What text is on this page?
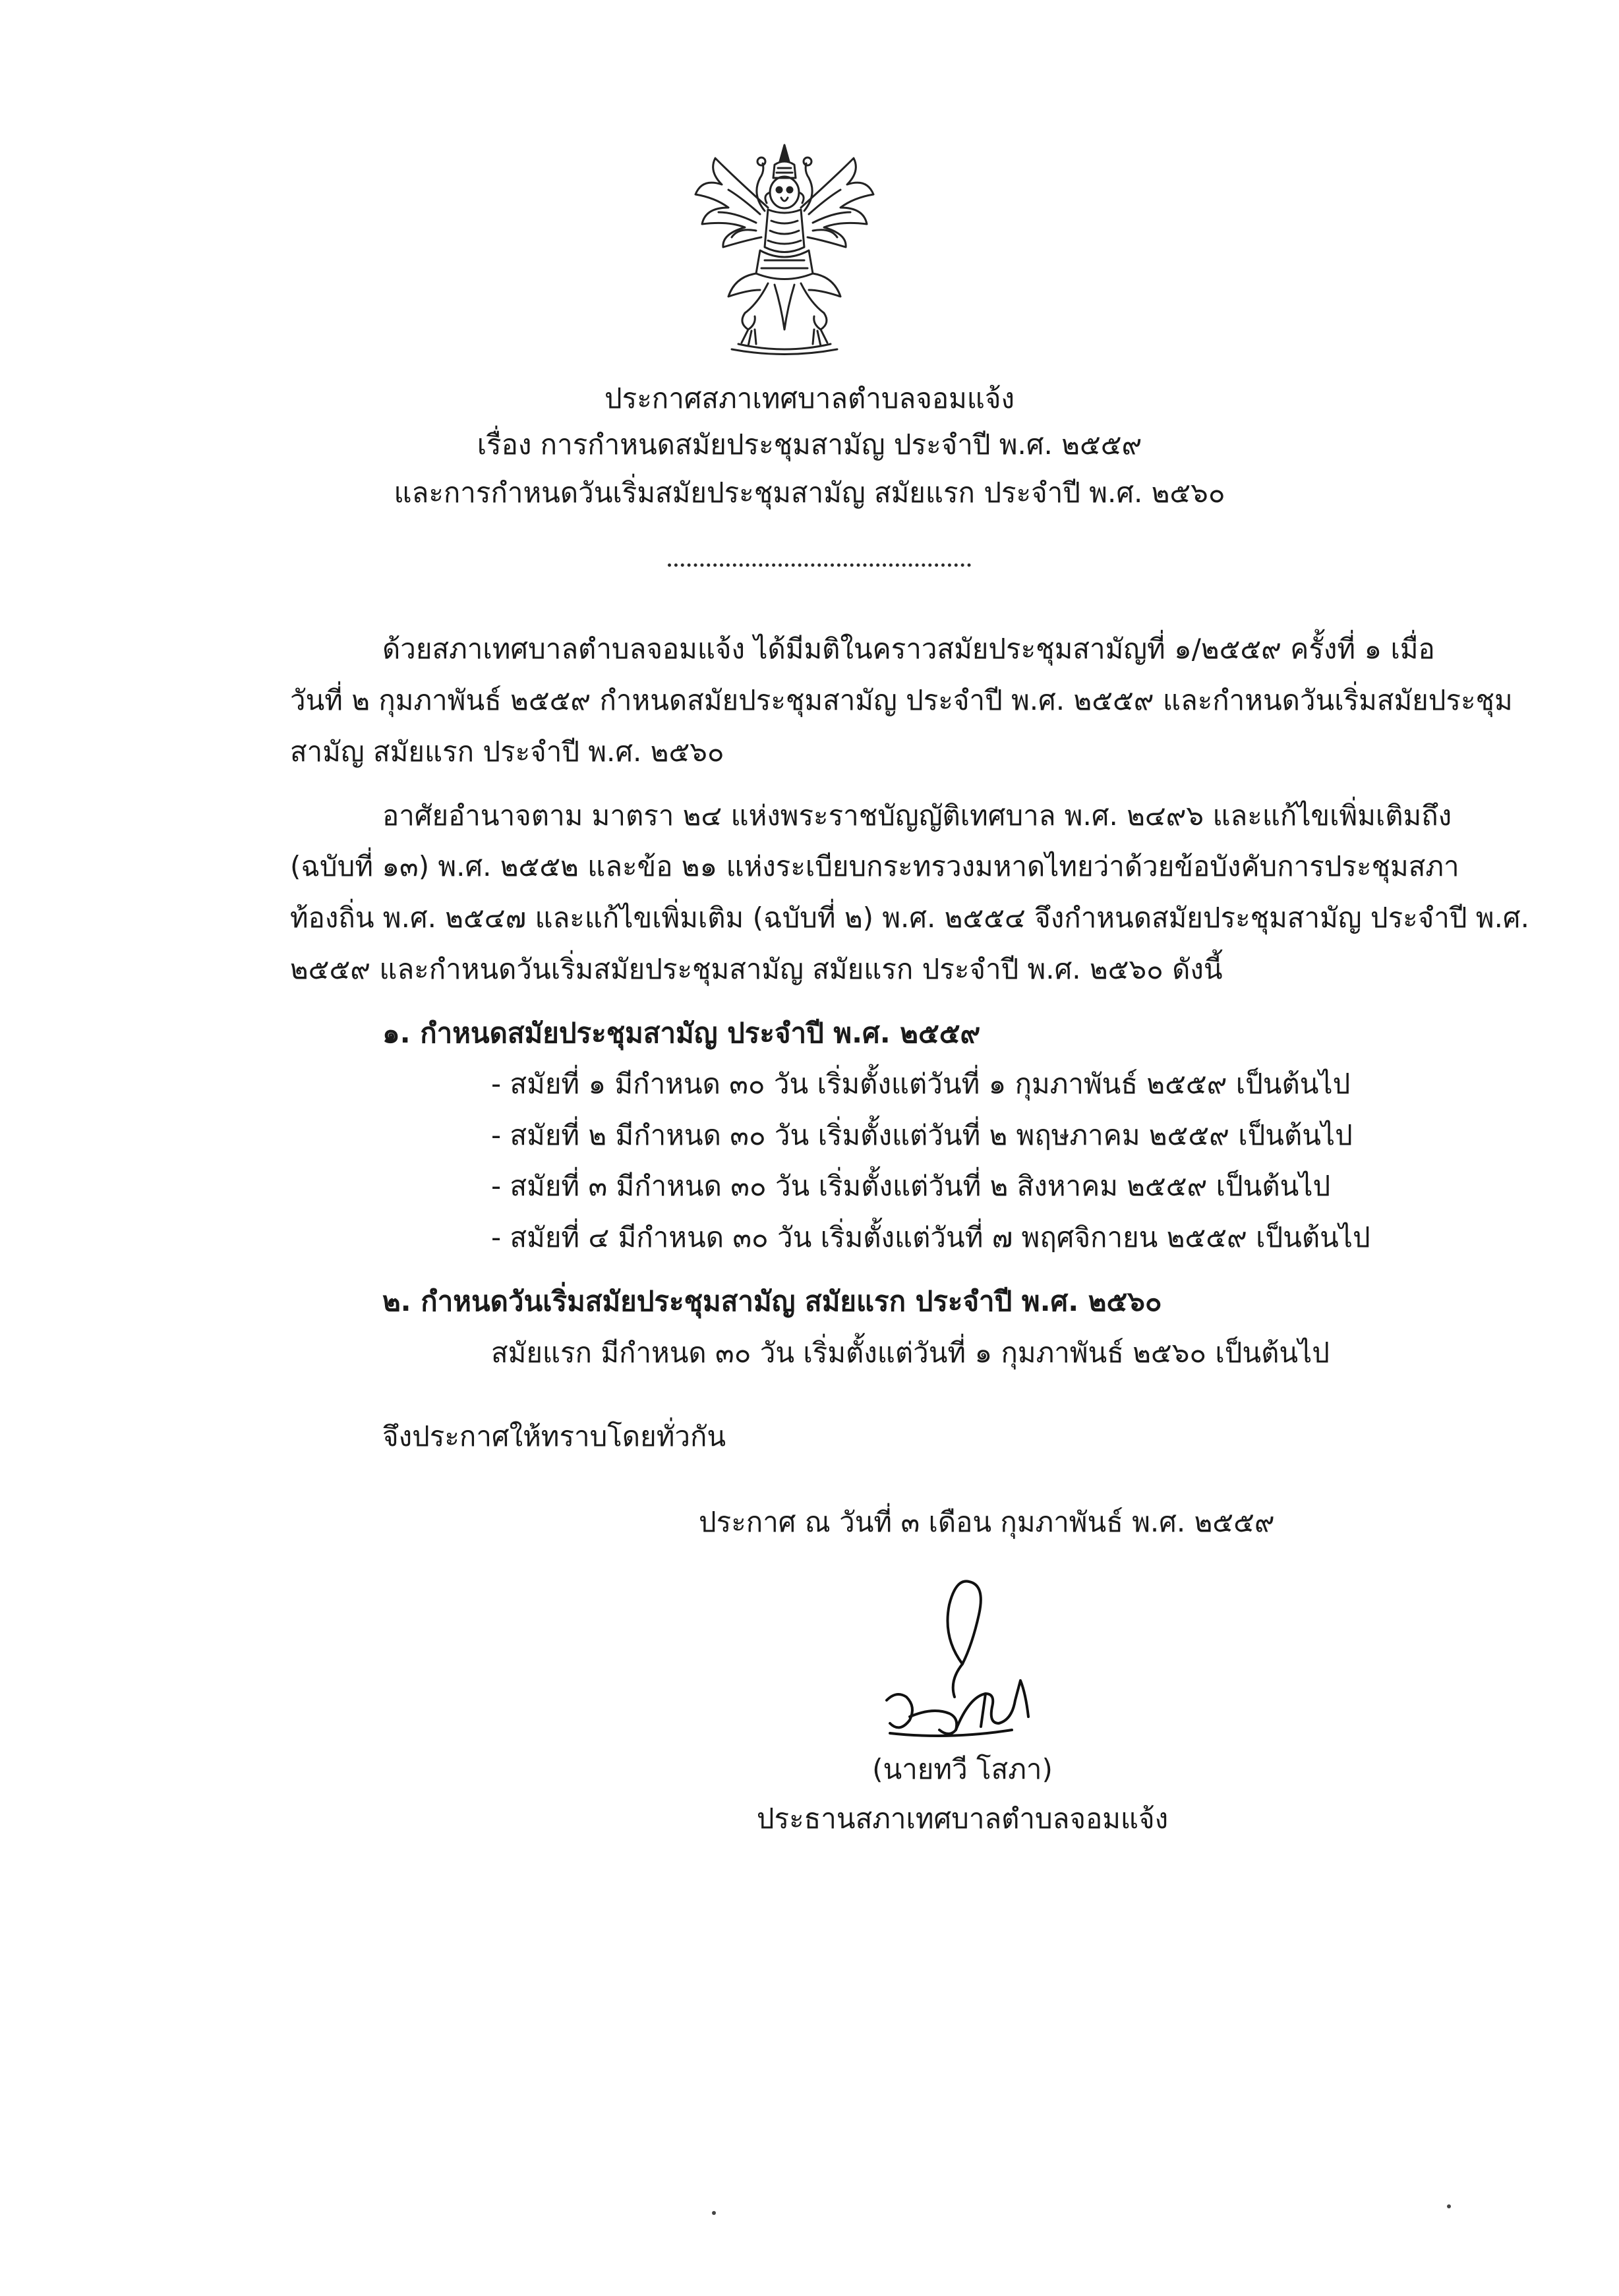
ประกาศสภาเทศบาลตำบลจอมแจ้ง
เรื่อง การกำหนดสมัยประชุมสามัญ ประจำปี พ.ศ. ๒๕๕๙
และการกำหนดวันเริ่มสมัยประชุมสามัญ สมัยแรก ประจำปี พ.ศ. ๒๕๖๐
ด้วยสภาเทศบาลตำบลจอมแจ้ง ได้มีมติในคราวสมัยประชุมสามัญที่ ๑/๒๕๕๙ ครั้งที่ ๑ เมื่อ
วันที่ ๒ กุมภาพันธ์ ๒๕๕๙ กำหนดสมัยประชุมสามัญ ประจำปี พ.ศ. ๒๕๕๙ และกำหนดวันเริ่มสมัยประชุม
สามัญ สมัยแรก ประจำปี พ.ศ. ๒๕๖๐
อาศัยอำนาจตาม มาตรา ๒๔ แห่งพระราชบัญญัติเทศบาล พ.ศ. ๒๔๙๖ และแก้ไขเพิ่มเติมถึง
(ฉบับที่ ๑๓) พ.ศ. ๒๕๕๒ และข้อ ๒๑ แห่งระเบียบกระทรวงมหาดไทยว่าด้วยข้อบังคับการประชุมสภา
ท้องถิ่น พ.ศ. ๒๕๔๗ และแก้ไขเพิ่มเติม (ฉบับที่ ๒) พ.ศ. ๒๕๕๔ จึงกำหนดสมัยประชุมสามัญ ประจำปี พ.ศ.
๒๕๕๙ และกำหนดวันเริ่มสมัยประชุมสามัญ สมัยแรก ประจำปี พ.ศ. ๒๕๖๐ ดังนี้
๑. กำหนดสมัยประชุมสามัญ ประจำปี พ.ศ. ๒๕๕๙
- สมัยที่ ๑ มีกำหนด ๓๐ วัน เริ่มตั้งแต่วันที่ ๑ กุมภาพันธ์ ๒๕๕๙ เป็นต้นไป
- สมัยที่ ๒ มีกำหนด ๓๐ วัน เริ่มตั้งแต่วันที่ ๒ พฤษภาคม ๒๕๕๙ เป็นต้นไป
- สมัยที่ ๓ มีกำหนด ๓๐ วัน เริ่มตั้งแต่วันที่ ๒ สิงหาคม ๒๕๕๙ เป็นต้นไป
- สมัยที่ ๔ มีกำหนด ๓๐ วัน เริ่มตั้งแต่วันที่ ๗ พฤศจิกายน ๒๕๕๙ เป็นต้นไป
๒. กำหนดวันเริ่มสมัยประชุมสามัญ สมัยแรก ประจำปี พ.ศ. ๒๕๖๐
สมัยแรก มีกำหนด ๓๐ วัน เริ่มตั้งแต่วันที่ ๑ กุมภาพันธ์ ๒๕๖๐ เป็นต้นไป
จึงประกาศให้ทราบโดยทั่วกัน
ประกาศ ณ วันที่ ๓ เดือน กุมภาพันธ์ พ.ศ. ๒๕๕๙
(นายทวี โสภา)
ประธานสภาเทศบาลตำบลจอมแจ้ง
